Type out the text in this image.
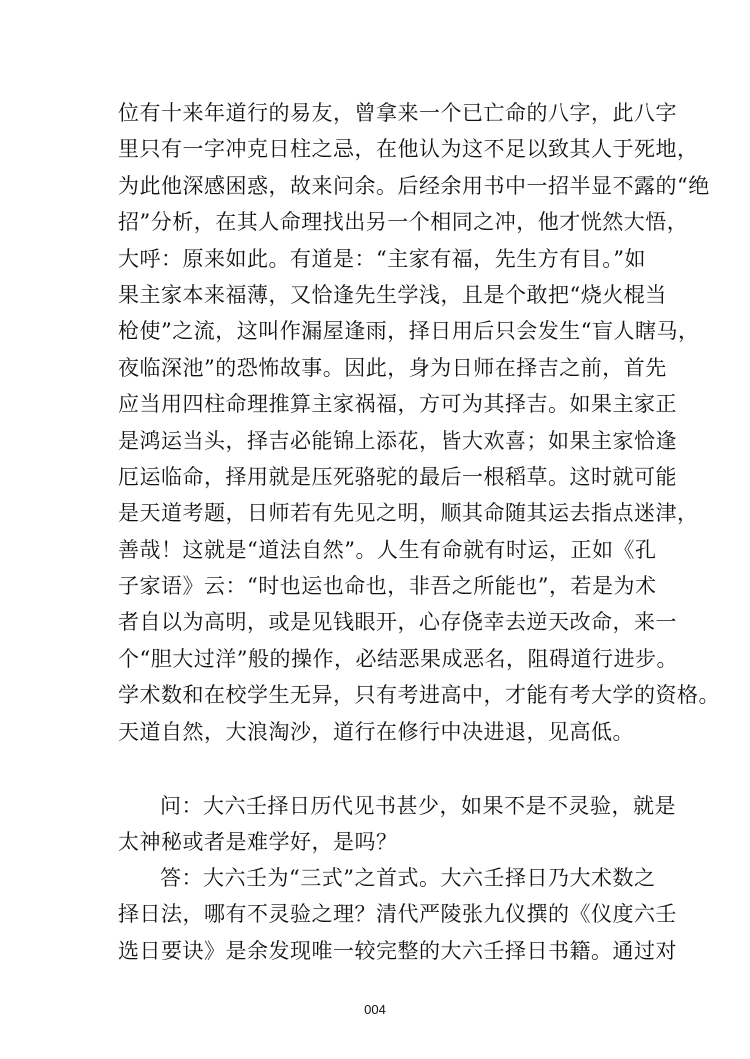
位有十来年道行的易友，曾拿来一个已亡命的八字，此八字
里只有一字冲克日柱之忌，在他认为这不足以致其人于死地，
为此他深感困惑，故来问余。后经余用书中一招半显不露的“绝
招”分析，在其人命理找出另一个相同之冲，他才恍然大悟，
大呼：原来如此。有道是：“主家有福，先生方有目。”如
果主家本来福薄，又恰逢先生学浅，且是个敢把“烧火棍当
枪使”之流，这叫作漏屋逢雨，择日用后只会发生“盲人瞎马，
夜临深池”的恐怖故事。因此，身为日师在择吉之前，首先
应当用四柱命理推算主家祸福，方可为其择吉。如果主家正
是鸿运当头，择吉必能锦上添花，皆大欢喜；如果主家恰逢
厄运临命，择用就是压死骆驼的最后一根稻草。这时就可能
是天道考题，日师若有先见之明，顺其命随其运去指点迷津，
善哉！这就是“道法自然”。人生有命就有时运，正如《孔
子家语》云：“时也运也命也，非吾之所能也”，若是为术
者自以为高明，或是见钱眼开，心存侥幸去逆天改命，来一
个“胆大过洋”般的操作，必结恶果成恶名，阻碍道行进步。
学术数和在校学生无异，只有考进高中，才能有考大学的资格。
天道自然，大浪淘沙，道行在修行中决进退，见高低。
问：大六壬择日历代见书甚少，如果不是不灵验，就是
太神秘或者是难学好，是吗？
答：大六壬为“三式”之首式。大六壬择日乃大术数之
择日法，哪有不灵验之理？清代严陵张九仪撰的《仪度六壬
选日要诀》是余发现唯一较完整的大六壬择日书籍。通过对
004
